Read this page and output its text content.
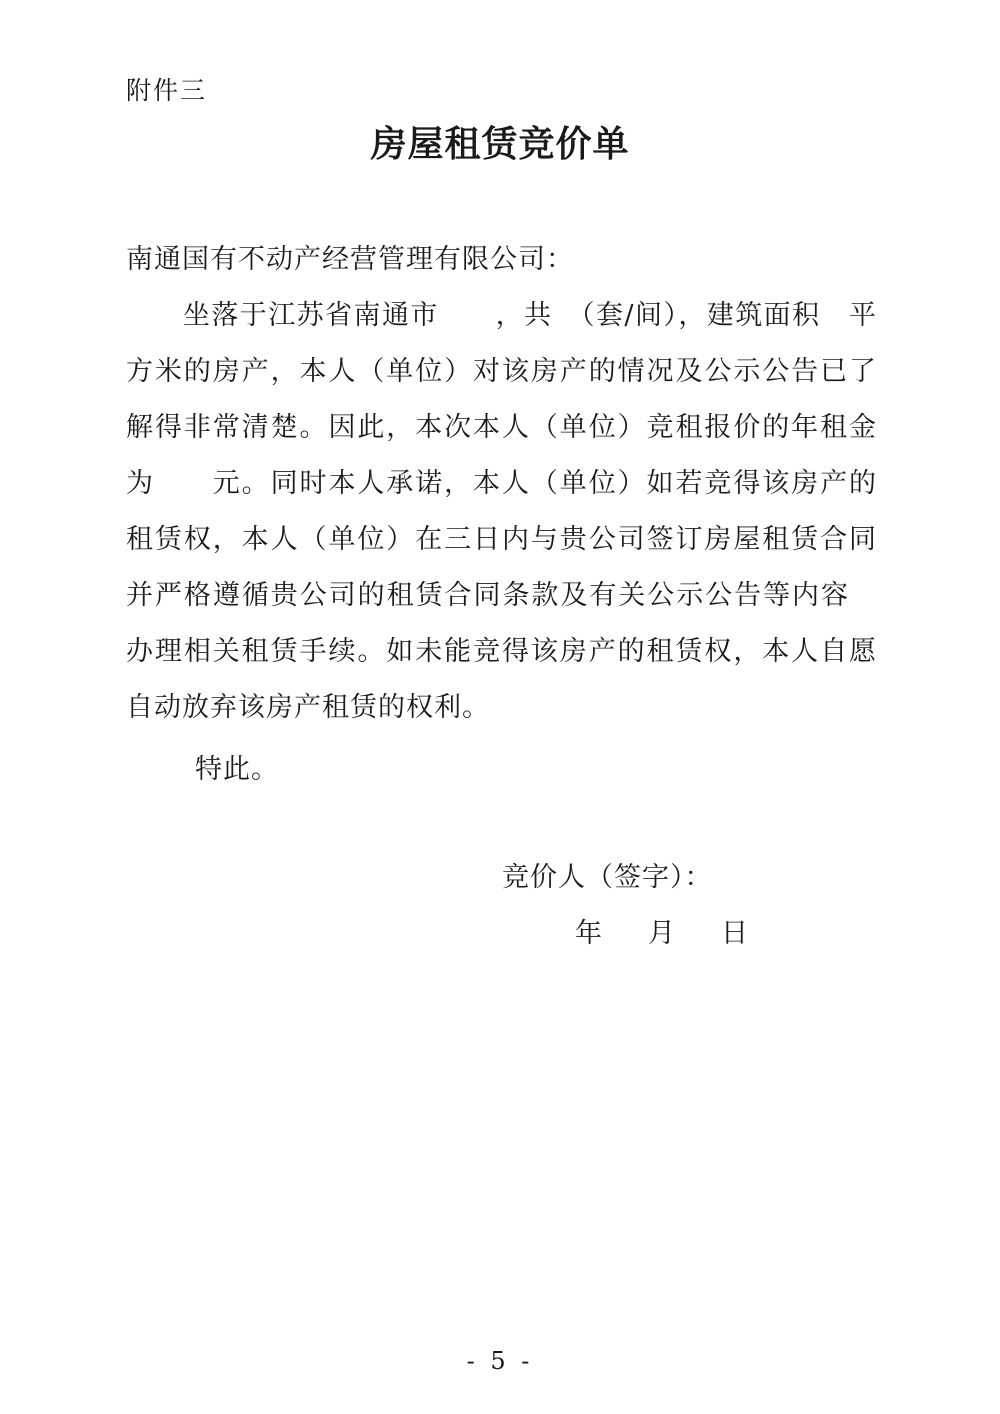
附件三
房屋租赁竞价单
南通国有不动产经营管理有限公司：
　　坐落于江苏省南通市　　，共　（套/间），建筑面积　平
方米的房产，本人（单位）对该房产的情况及公示公告已了
解得非常清楚。因此，本次本人（单位）竞租报价的年租金
为　　元。同时本人承诺，本人（单位）如若竞得该房产的
租赁权，本人（单位）在三日内与贵公司签订房屋租赁合同
并严格遵循贵公司的租赁合同条款及有关公示公告等内容
办理相关租赁手续。如未能竞得该房产的租赁权，本人自愿
自动放弃该房产租赁的权利。
特此。
竞价人（签字）：
年 月 日
- 5 -
